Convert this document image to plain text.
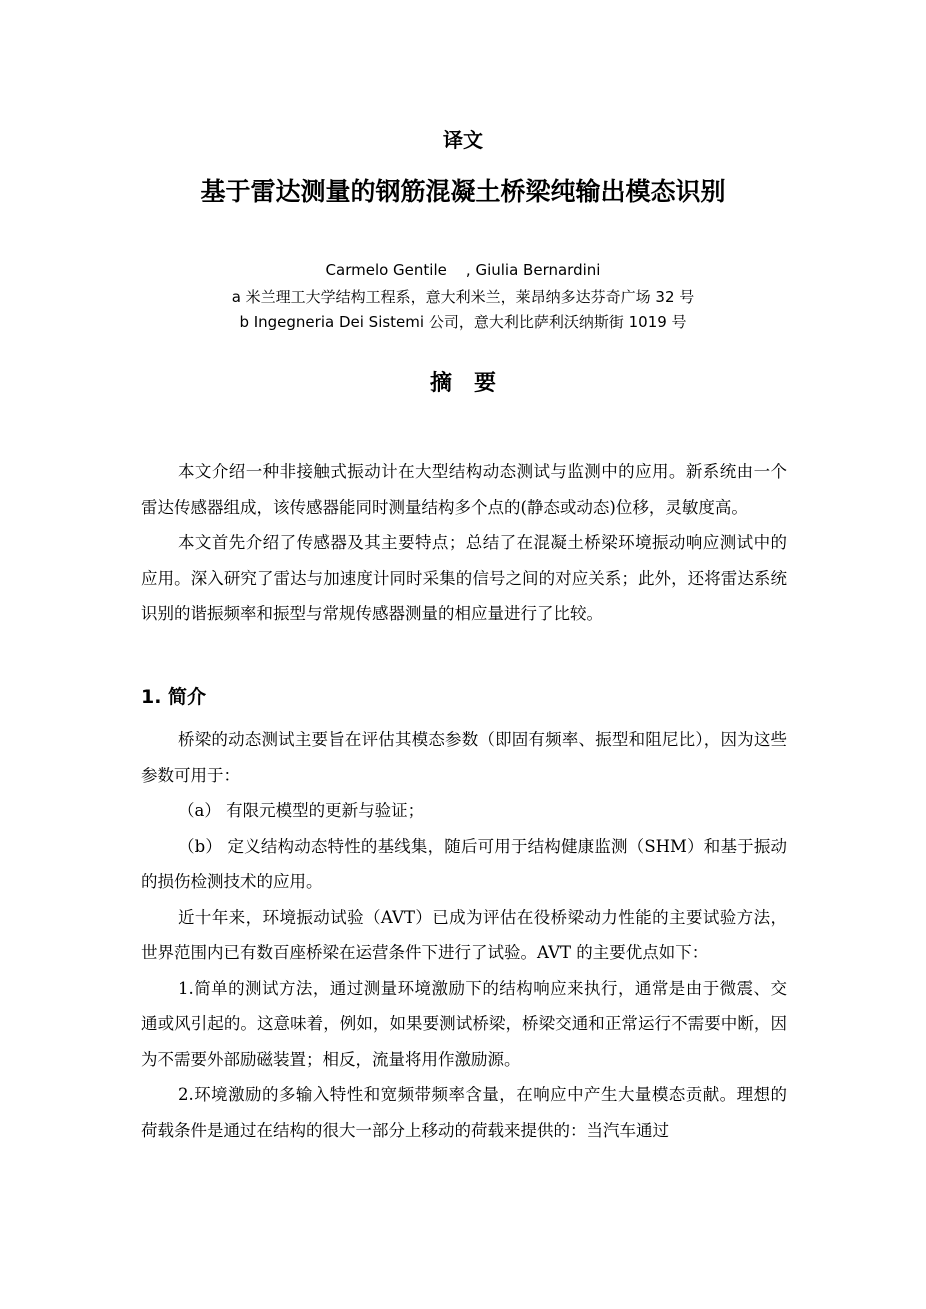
译文
基于雷达测量的钢筋混凝土桥梁纯输出模态识别
Carmelo Gentile    , Giulia Bernardini
a 米兰理工大学结构工程系，意大利米兰，莱昂纳多达芬奇广场 32 号
b Ingegneria Dei Sistemi 公司，意大利比萨利沃纳斯街 1019 号
摘　要

本文介绍一种非接触式振动计在大型结构动态测试与监测中的应用。新系统由一个雷达传感器组成，该传感器能同时测量结构多个点的(静态或动态)位移，灵敏度高。

本文首先介绍了传感器及其主要特点；总结了在混凝土桥梁环境振动响应测试中的应用。深入研究了雷达与加速度计同时采集的信号之间的对应关系；此外，还将雷达系统识别的谐振频率和振型与常规传感器测量的相应量进行了比较。

1. 简介

桥梁的动态测试主要旨在评估其模态参数（即固有频率、振型和阻尼比），因为这些参数可用于：

（a） 有限元模型的更新与验证；

（b） 定义结构动态特性的基线集，随后可用于结构健康监测（SHM）和基于振动的损伤检测技术的应用。

近十年来，环境振动试验（AVT）已成为评估在役桥梁动力性能的主要试验方法，世界范围内已有数百座桥梁在运营条件下进行了试验。AVT 的主要优点如下：

1.简单的测试方法，通过测量环境激励下的结构响应来执行，通常是由于微震、交通或风引起的。这意味着，例如，如果要测试桥梁，桥梁交通和正常运行不需要中断，因为不需要外部励磁装置；相反，流量将用作激励源。

2.环境激励的多输入特性和宽频带频率含量，在响应中产生大量模态贡献。理想的荷载条件是通过在结构的很大一部分上移动的荷载来提供的：当汽车通过
